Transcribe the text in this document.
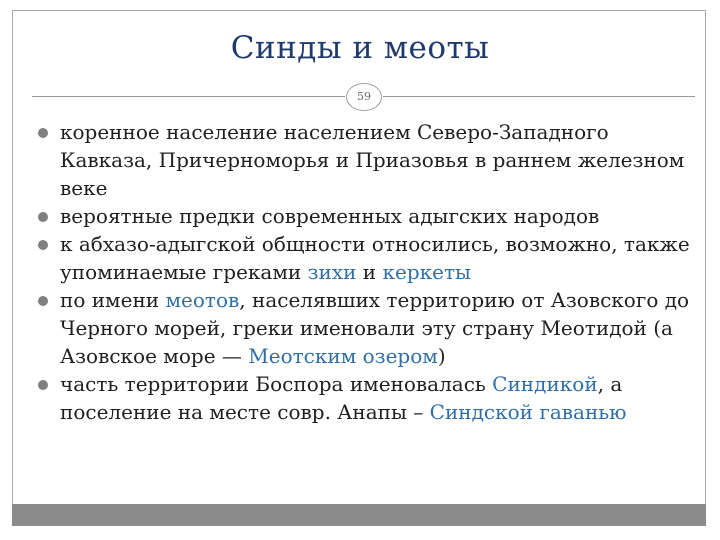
Синды и меоты
59
коренное население населением Северо-Западного Кавказа, Причерноморья и Приазовья в раннем железном веке
вероятные предки современных адыгских народов
к абхазо-адыгской общности относились, возможно, также упоминаемые греками зихи и керкеты
по имени меотов, населявших территорию от Азовского до Черного морей, греки именовали эту страну Меотидой (а Азовское море — Меотским озером)
часть территории Боспора именовалась Синдикой, а поселение на месте совр. Анапы – Синдской гаванью
